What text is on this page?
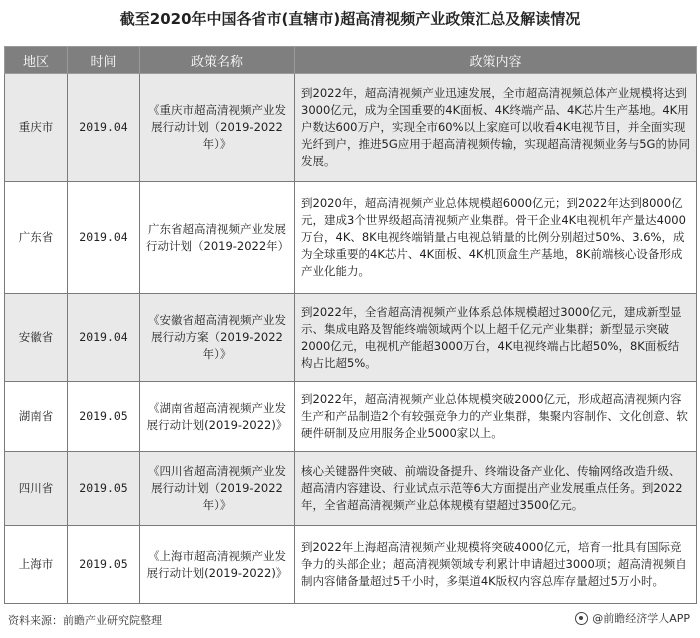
截至2020年中国各省市(直辖市)超高清视频产业政策汇总及解读情况
地区	时间	政策名称	政策内容
重庆市	2019.04	《重庆市超高清视频产业发展行动计划（2019-2022年）》	到2022年，超高清视频产业迅速发展，全市超高清视频总体产业规模将达到3000亿元，成为全国重要的4K面板、4K终端产品、4K芯片生产基地。4K用户数达600万户，实现全市60%以上家庭可以收看4K电视节目，并全面实现光纤到户，推进5G应用于超高清视频传输，实现超高清视频业务与5G的协同发展。
广东省	2019.04	广东省超高清视频产业发展行动计划（2019-2022年）	到2020年，超高清视频产业总体规模超6000亿元；到2022年达到8000亿元，建成3个世界级超高清视频产业集群。骨干企业4K电视机年产量达4000万台，4K、8K电视终端销量占电视总销量的比例分别超过50%、3.6%，成为全球重要的4K芯片、4K面板、4K机顶盒生产基地，8K前端核心设备形成产业化能力。
安徽省	2019.04	《安徽省超高清视频产业发展行动方案（2019-2022年）》	到2022年，全省超高清视频产业体系总体规模超过3000亿元，建成新型显示、集成电路及智能终端领域两个以上超千亿元产业集群；新型显示突破2000亿元，电视机产能超3000万台，4K电视终端占比超50%，8K面板结构占比超5%。
湖南省	2019.05	《湖南省超高清视频产业发展行动计划(2019-2022)》	到2022年，超高清视频产业总体规模突破2000亿元，形成超高清视频内容生产和产品制造2个有较强竞争力的产业集群，集聚内容制作、文化创意、软硬件研制及应用服务企业5000家以上。
四川省	2019.05	《四川省超高清视频产业发展行动计划（2019-2022年）》	核心关键器件突破、前端设备提升、终端设备产业化、传输网络改造升级、超高清内容建设、行业试点示范等6大方面提出产业发展重点任务。到2022年，全省超高清视频产业总体规模有望超过3500亿元。
上海市	2019.05	《上海市超高清视频产业发展行动计划(2019-2022)》	到2022年上海超高清视频产业规模将突破4000亿元，培育一批具有国际竞争力的头部企业；超高清视频领域专利累计申请超过3000项；超高清视频自制内容储备量超过5千小时，多渠道4K版权内容总库存量超过5万小时。
资料来源：前瞻产业研究院整理	@前瞻经济学人APP
